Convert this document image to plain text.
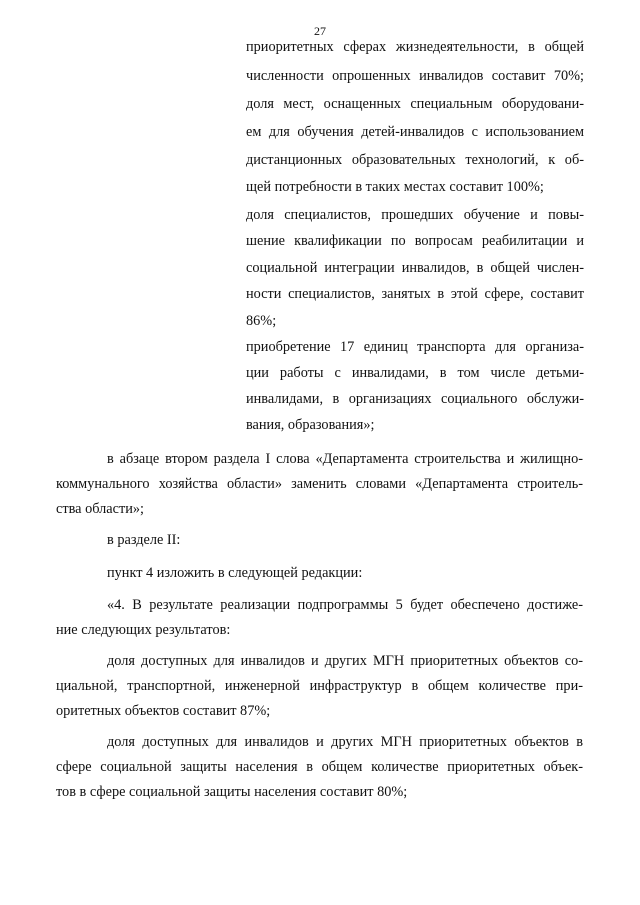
27
приоритетных сферах жизнедеятельности, в общей
численности опрошенных инвалидов составит 70%;
доля мест, оснащенных специальным оборудовани-
ем для обучения детей-инвалидов с использованием
дистанционных образовательных технологий, к об-
щей потребности в таких местах составит 100%;
доля специалистов, прошедших обучение и повы-
шение квалификации по вопросам реабилитации и
социальной интеграции инвалидов, в общей числен-
ности специалистов, занятых в этой сфере, составит
86%;
приобретение 17 единиц транспорта для организа-
ции работы с инвалидами, в том числе детьми-
инвалидами, в организациях социального обслужи-
вания, образования»;
в абзаце втором раздела I слова «Департамента строительства и жилищно-
коммунального хозяйства области» заменить словами «Департамента строитель-
ства области»;
в разделе II:
пункт 4 изложить в следующей редакции:
«4. В результате реализации подпрограммы 5 будет обеспечено достиже-
ние следующих результатов:
доля доступных для инвалидов и других МГН приоритетных объектов со-
циальной, транспортной, инженерной инфраструктур в общем количестве при-
оритетных объектов составит 87%;
доля доступных для инвалидов и других МГН приоритетных объектов в
сфере социальной защиты населения в общем количестве приоритетных объек-
тов в сфере социальной защиты населения составит 80%;
